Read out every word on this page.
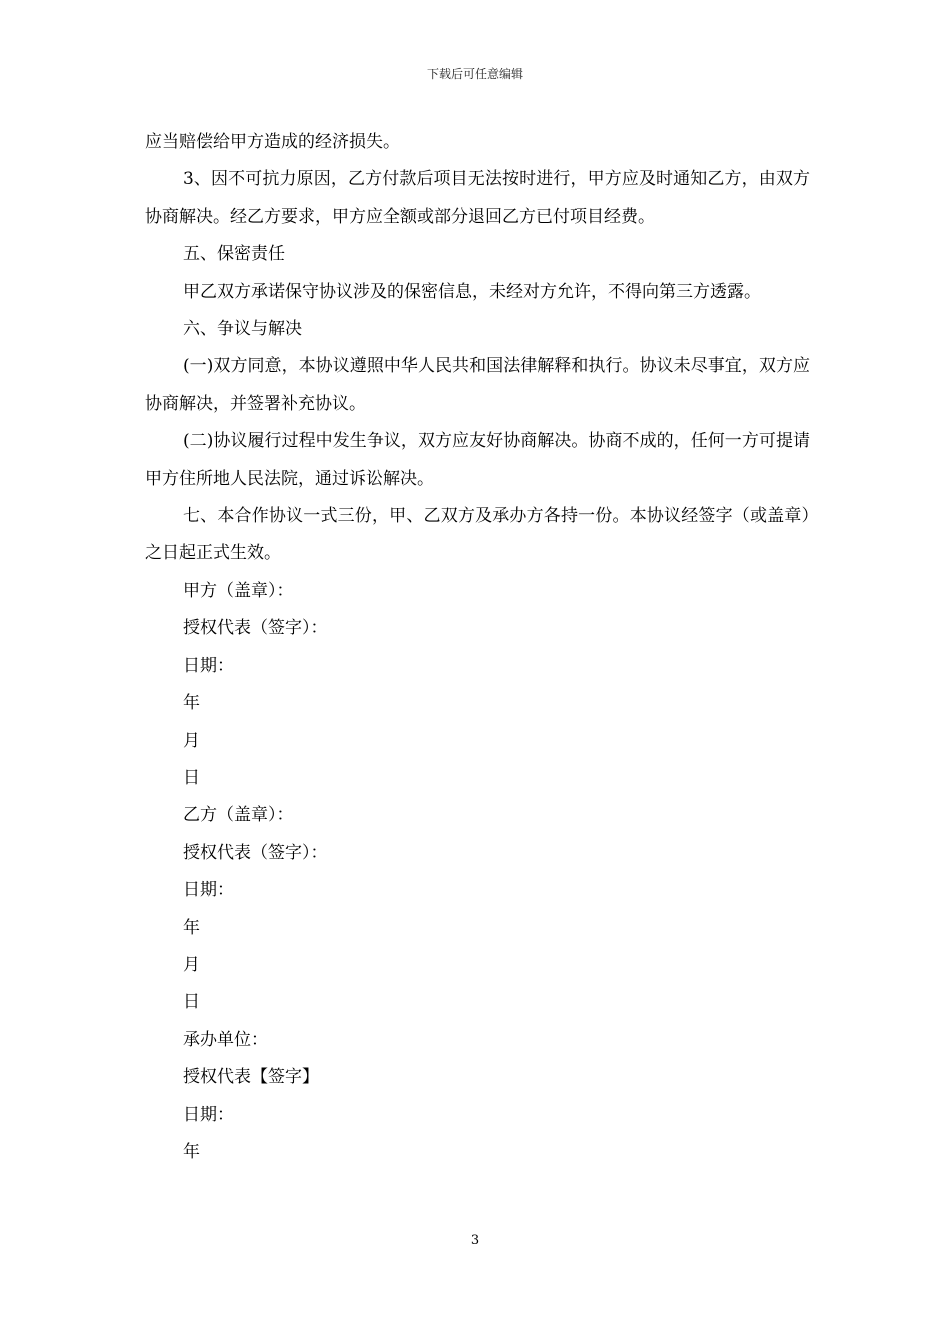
下载后可任意编辑

应当赔偿给甲方造成的经济损失。

3、因不可抗力原因，乙方付款后项目无法按时进行，甲方应及时通知乙方，由双方协商解决。经乙方要求，甲方应全额或部分退回乙方已付项目经费。

五、保密责任

甲乙双方承诺保守协议涉及的保密信息，未经对方允许，不得向第三方透露。

六、争议与解决

(一)双方同意，本协议遵照中华人民共和国法律解释和执行。协议未尽事宜，双方应协商解决，并签署补充协议。

(二)协议履行过程中发生争议，双方应友好协商解决。协商不成的，任何一方可提请甲方住所地人民法院，通过诉讼解决。

七、本合作协议一式三份，甲、乙双方及承办方各持一份。本协议经签字（或盖章）之日起正式生效。

甲方（盖章）：

授权代表（签字）：

日期：

年

月

日

乙方（盖章）：

授权代表（签字）：

日期：

年

月

日

承办单位：

授权代表【签字】

日期：

年

3
